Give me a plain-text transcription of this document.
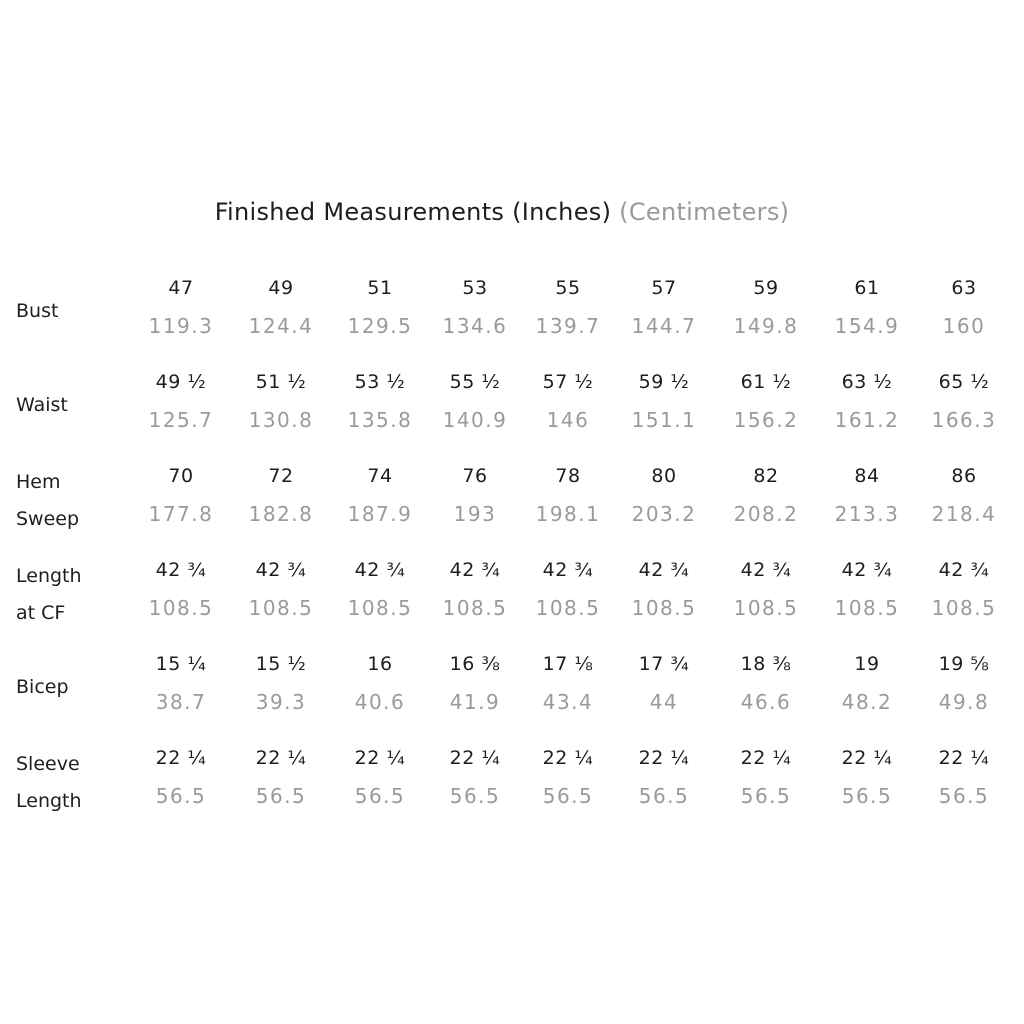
Finished Measurements (Inches) (Centimeters)
Bust
47
119.3
49
124.4
51
129.5
53
134.6
55
139.7
57
144.7
59
149.8
61
154.9
63
160
Waist
49 ½
125.7
51 ½
130.8
53 ½
135.8
55 ½
140.9
57 ½
146
59 ½
151.1
61 ½
156.2
63 ½
161.2
65 ½
166.3
Hem
Sweep
70
177.8
72
182.8
74
187.9
76
193
78
198.1
80
203.2
82
208.2
84
213.3
86
218.4
Length
at CF
42 ¾
108.5
42 ¾
108.5
42 ¾
108.5
42 ¾
108.5
42 ¾
108.5
42 ¾
108.5
42 ¾
108.5
42 ¾
108.5
42 ¾
108.5
Bicep
15 ¼
38.7
15 ½
39.3
16
40.6
16 ⅜
41.9
17 ⅛
43.4
17 ¾
44
18 ⅜
46.6
19
48.2
19 ⅝
49.8
Sleeve
Length
22 ¼
56.5
22 ¼
56.5
22 ¼
56.5
22 ¼
56.5
22 ¼
56.5
22 ¼
56.5
22 ¼
56.5
22 ¼
56.5
22 ¼
56.5
